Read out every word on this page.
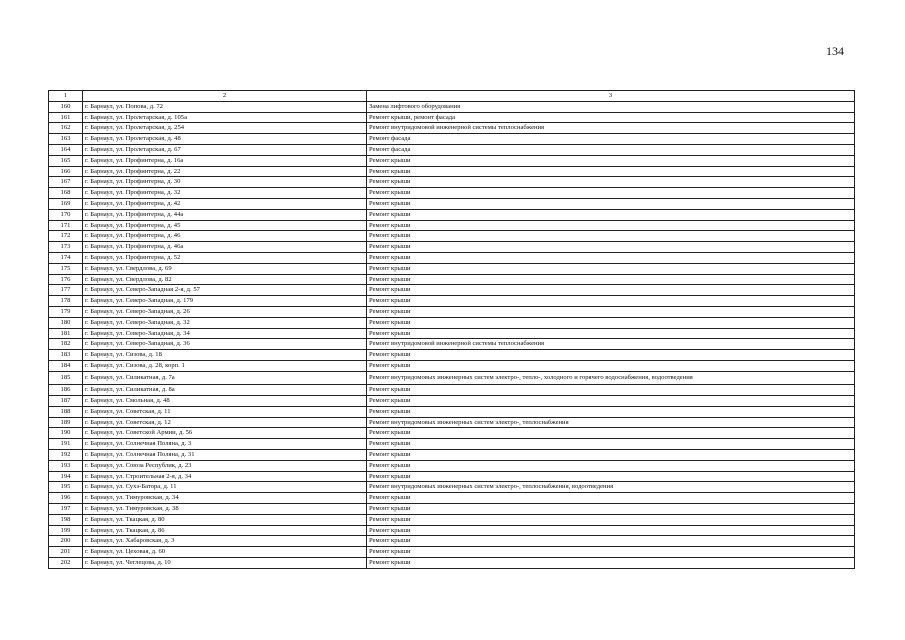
134
1	2	3
160	г. Барнаул, ул. Попова, д. 72	Замена лифтового оборудования
161	г. Барнаул, ул. Пролетарская, д. 105а	Ремонт крыши, ремонт фасада
162	г. Барнаул, ул. Пролетарская, д. 254	Ремонт внутридомовой инженерной системы теплоснабжения
163	г. Барнаул, ул. Пролетарская, д. 48	Ремонт фасада
164	г. Барнаул, ул. Пролетарская, д. 67	Ремонт фасада
165	г. Барнаул, ул. Профинтерна, д. 16а	Ремонт крыши
166	г. Барнаул, ул. Профинтерна, д. 22	Ремонт крыши
167	г. Барнаул, ул. Профинтерна, д. 30	Ремонт крыши
168	г. Барнаул, ул. Профинтерна, д. 32	Ремонт крыши
169	г. Барнаул, ул. Профинтерна, д. 42	Ремонт крыши
170	г. Барнаул, ул. Профинтерна, д. 44а	Ремонт крыши
171	г. Барнаул, ул. Профинтерна, д. 45	Ремонт крыши
172	г. Барнаул, ул. Профинтерна, д. 46	Ремонт крыши
173	г. Барнаул, ул. Профинтерна, д. 46а	Ремонт крыши
174	г. Барнаул, ул. Профинтерна, д. 52	Ремонт крыши
175	г. Барнаул, ул. Свердлова, д. 69	Ремонт крыши
176	г. Барнаул, ул. Свердлова, д. 82	Ремонт крыши
177	г. Барнаул, ул. Северо-Западная 2-я, д. 57	Ремонт крыши
178	г. Барнаул, ул. Северо-Западная, д. 179	Ремонт крыши
179	г. Барнаул, ул. Северо-Западная, д. 26	Ремонт крыши
180	г. Барнаул, ул. Северо-Западная, д. 32	Ремонт крыши
181	г. Барнаул, ул. Северо-Западная, д. 34	Ремонт крыши
182	г. Барнаул, ул. Северо-Западная, д. 36	Ремонт внутридомовой инженерной системы теплоснабжения
183	г. Барнаул, ул. Сизова, д. 18	Ремонт крыши
184	г. Барнаул, ул. Сизова, д. 28, корп. 1	Ремонт крыши
185	г. Барнаул, ул. Силикатная, д. 7а	Ремонт внутридомовых инженерных систем электро-, тепло-, холодного и горячего водоснабжения, водоотведения
186	г. Барнаул, ул. Силикатная, д. 8а	Ремонт крыши
187	г. Барнаул, ул. Смольная, д. 48	Ремонт крыши
188	г. Барнаул, ул. Советская, д. 11	Ремонт крыши
189	г. Барнаул, ул. Советская, д. 12	Ремонт внутридомовых инженерных систем электро-, теплоснабжения
190	г. Барнаул, ул. Советской Армии, д. 56	Ремонт крыши
191	г. Барнаул, ул. Солнечная Поляна, д. 3	Ремонт крыши
192	г. Барнаул, ул. Солнечная Поляна, д. 31	Ремонт крыши
193	г. Барнаул, ул. Союза Республик, д. 23	Ремонт крыши
194	г. Барнаул, ул. Строительная 2-я, д. 34	Ремонт крыши
195	г. Барнаул, ул. Сухэ-Батора, д. 11	Ремонт внутридомовых инженерных систем электро-, теплоснабжения, водоотведения
196	г. Барнаул, ул. Тимуровская, д. 34	Ремонт крыши
197	г. Барнаул, ул. Тимуровская, д. 38	Ремонт крыши
198	г. Барнаул, ул. Ткацкая, д. 80	Ремонт крыши
199	г. Барнаул, ул. Ткацкая, д. 86	Ремонт крыши
200	г. Барнаул, ул. Хабаровская, д. 3	Ремонт крыши
201	г. Барнаул, ул. Цеховая, д. 60	Ремонт крыши
202	г. Барнаул, ул. Чеглецова, д. 10	Ремонт крыши
